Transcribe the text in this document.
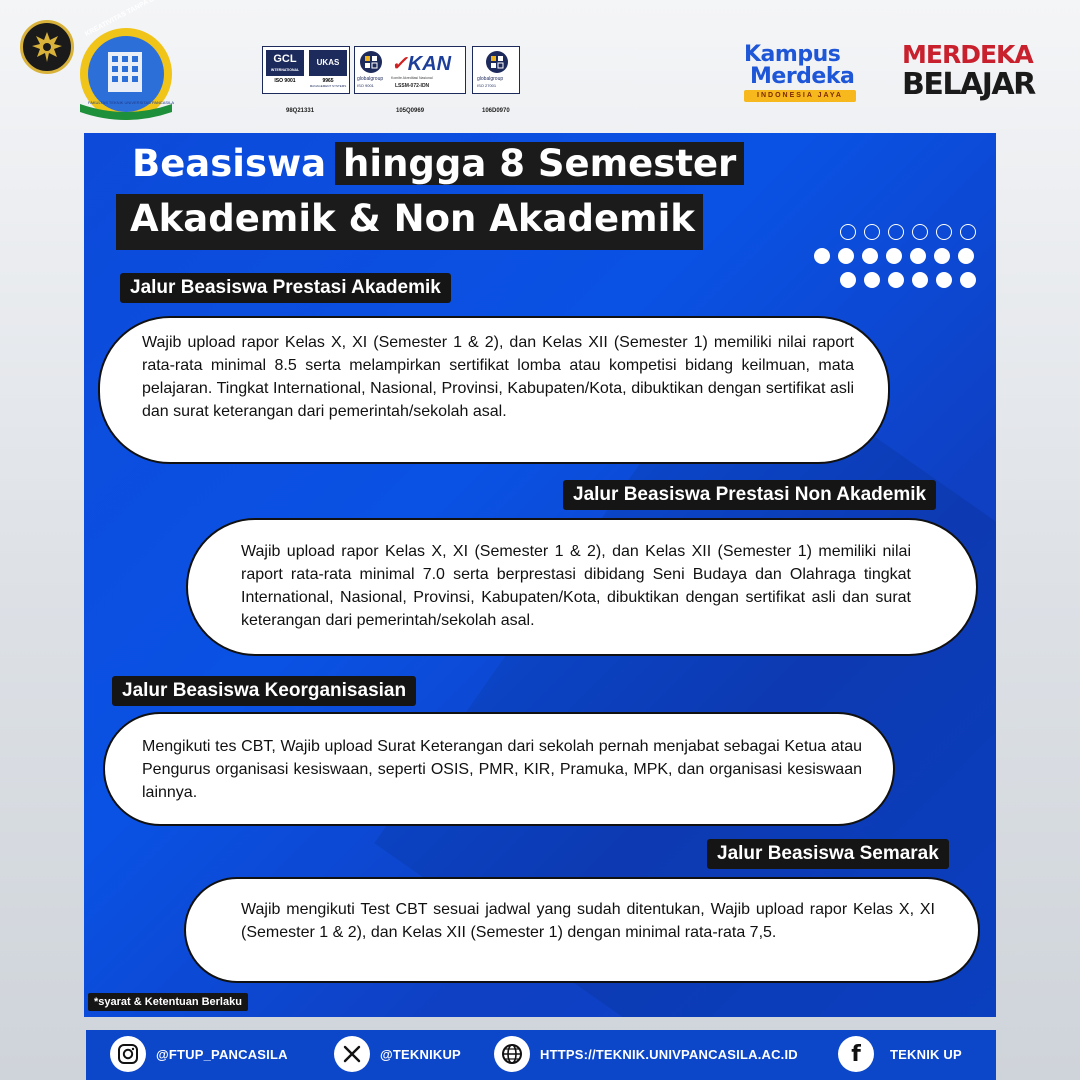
FAKULTAS TEKNIK UNIVERSITAS PANCASILA
GCL
INTERNATIONAL
UKAS
ISO 9001	9965
MANAGEMENT SYSTEMS
globalgroup
ISO 9001
✓KAN
Komite Akreditasi Nasional
LSSM-072-IDN
globalgroup
ISO 27001
98Q21331	105Q0969	106D0970
Kampus
Merdeka
INDONESIA JAYA
MERDEKA
BELAJAR
Beasiswa hingga 8 Semester
Akademik & Non Akademik
Jalur Beasiswa Prestasi Akademik

Wajib upload rapor Kelas X, XI (Semester 1 & 2), dan Kelas XII (Semester 1) memiliki nilai raport rata-rata minimal 8.5 serta melampirkan sertifikat lomba atau kompetisi bidang keilmuan, mata pelajaran. Tingkat International, Nasional, Provinsi, Kabupaten/Kota, dibuktikan dengan sertifikat asli dan surat keterangan dari pemerintah/sekolah asal.

Jalur Beasiswa Prestasi Non Akademik

Wajib upload rapor Kelas X, XI (Semester 1 & 2), dan Kelas XII (Semester 1) memiliki nilai raport rata-rata minimal 7.0 serta berprestasi dibidang Seni Budaya dan Olahraga tingkat International, Nasional, Provinsi, Kabupaten/Kota, dibuktikan dengan sertifikat asli dan surat keterangan dari pemerintah/sekolah asal.

Jalur Beasiswa Keorganisasian

Mengikuti tes CBT, Wajib upload Surat Keterangan dari sekolah pernah menjabat sebagai Ketua atau Pengurus organisasi kesiswaan, seperti OSIS, PMR, KIR, Pramuka, MPK, dan organisasi kesiswaan lainnya.

Jalur Beasiswa Semarak

Wajib mengikuti Test CBT sesuai jadwal yang sudah ditentukan, Wajib upload rapor Kelas X, XI (Semester 1 & 2), dan Kelas XII (Semester 1) dengan minimal rata-rata 7,5.

*syarat & Ketentuan Berlaku
@FTUP_PANCASILA	@TEKNIKUP	HTTPS://TEKNIK.UNIVPANCASILA.AC.ID f TEKNIK UP
